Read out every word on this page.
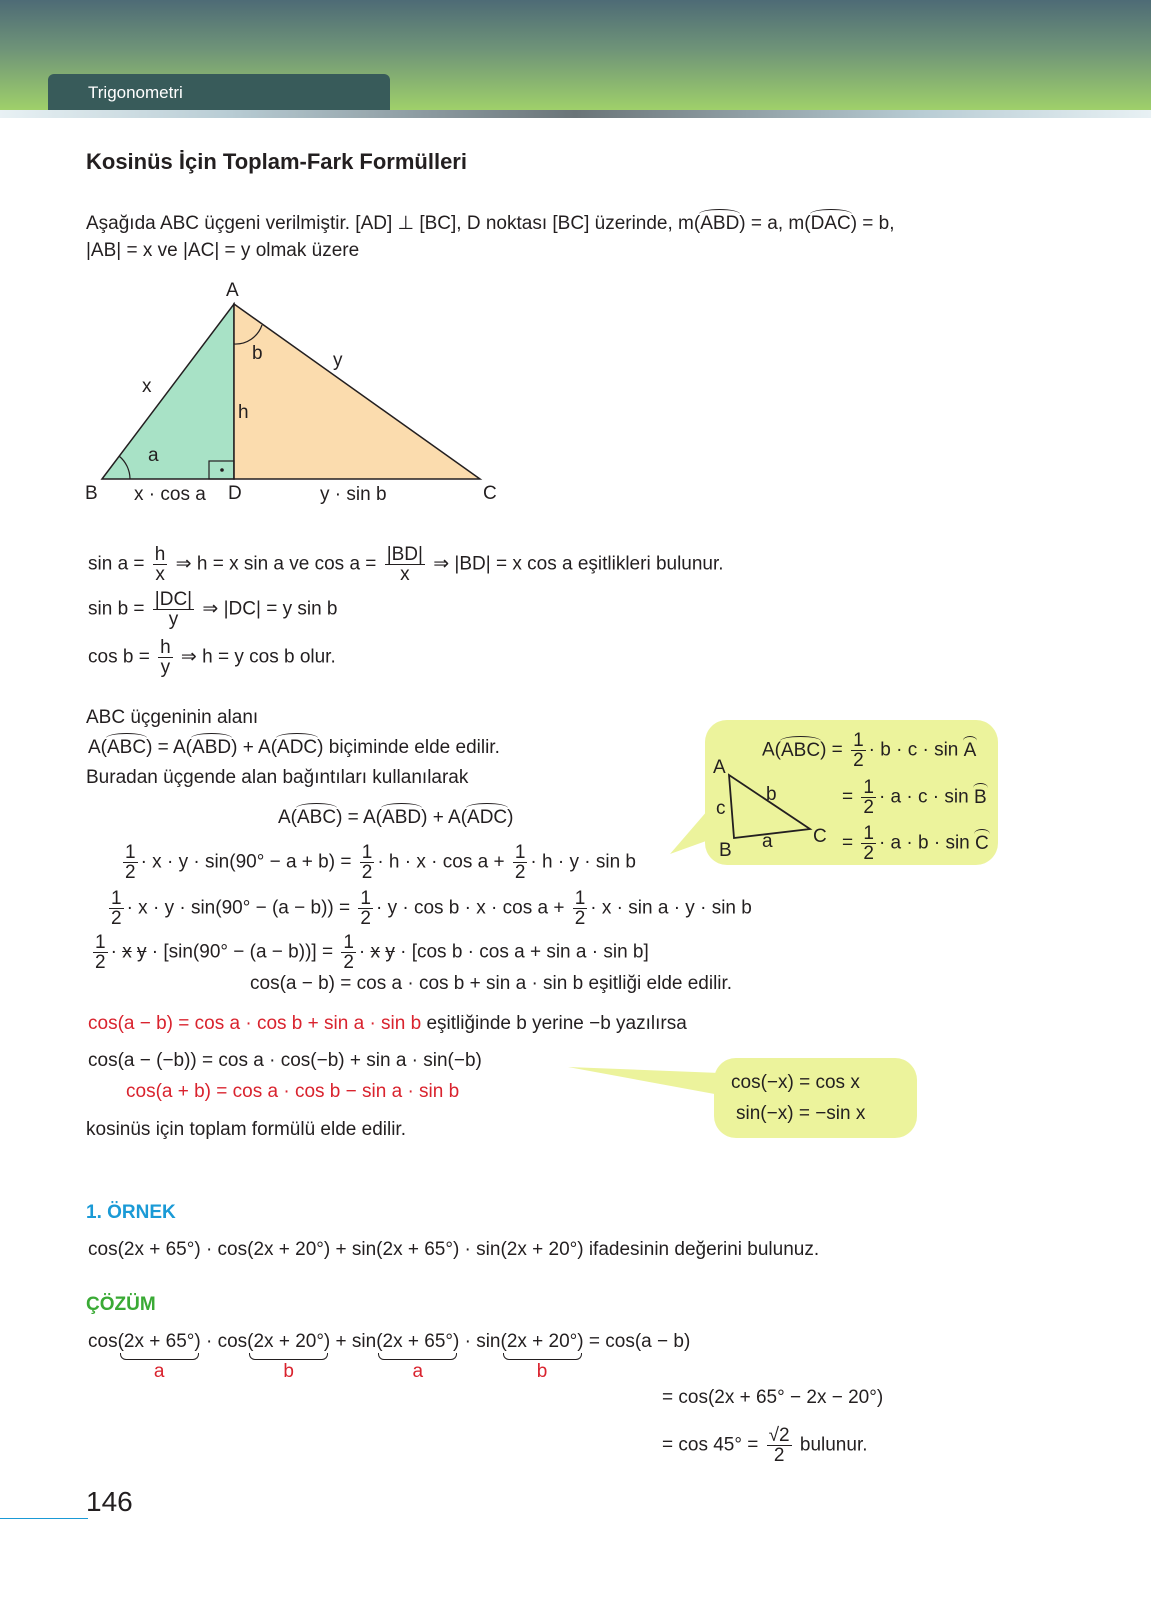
Trigonometri
Kosinüs İçin Toplam-Fark Formülleri
Aşağıda ABC üçgeni verilmiştir. [AD] ⊥ [BC], D noktası [BC] üzerinde, m(ABD) = a, m(DAC) = b,
|AB| = x ve |AC| = y olmak üzere
A
B	C
D
x
y
a
b
h
x · cos a	y · sin b
$\sin a = \frac{h}{x}$ ⇒ h = x sin a ve $\cos a = \frac{|BD|}{x}$ ⇒ |BD| = x cos a eşitlikleri bulunur.
$\sin b = \frac{|DC|}{y}$ ⇒ |DC| = y sin b
$\cos b = \frac{h}{y}$ ⇒ h = y cos b olur.
ABC üçgeninin alanı
A(ABC) = A(ABD) + A(ADC) biçiminde elde edilir.
Buradan üçgende alan bağıntıları kullanılarak
A(ABC) = A(ABD) + A(ADC)
$\frac{1}{2} \cdot x \cdot y \cdot \sin(90^\circ - a + b) = \frac{1}{2} \cdot h \cdot x \cdot \cos a + \frac{1}{2} \cdot h \cdot y \cdot \sin b$
$\frac{1}{2} \cdot x \cdot y \cdot \sin(90^\circ - (a - b)) = \frac{1}{2} \cdot y \cdot \cos b \cdot x \cdot \cos a + \frac{1}{2} \cdot x \cdot \sin a \cdot y \cdot \sin b$
$\frac{1}{2} \cdot x$ $y \cdot [\sin(90^\circ - (a - b))] = \frac{1}{2} \cdot x$ y · [cos b · cos a + sin a · sin b]
cos(a − b) = cos a · cos b + sin a · sin b eşitliği elde edilir.
A
B
C
a
b
c
$A(ABC) = \frac{1}{2} \cdot b \cdot c \cdot \sin A$
= $\frac{1}{2} \cdot a \cdot c \cdot \sin B$
= $\frac{1}{2} \cdot a \cdot b \cdot \sin C$
cos(a − b) = cos a · cos b + sin a · sin b eşitliğinde b yerine −b yazılırsa
cos(a − (−b)) = cos a · cos(−b) + sin a · sin(−b)
cos(a + b) = cos a · cos b − sin a · sin b
kosinüs için toplam formülü elde edilir.
cos(−x) = cos x
sin(−x) = −sin x
1. ÖRNEK
cos(2x + 65°) · cos(2x + 20°) + sin(2x + 65°) · sin(2x + 20°) ifadesinin değerini bulunuz.
ÇÖZÜM
cos(2x + 65°)
a
· cos(2x + 20°)
b
+ sin(2x + 65°)
a
· sin(2x + 20°)
b
= cos(a − b)
= cos(2x + 65° − 2x − 20°)
= $\cos 45^\circ = \frac{√2}{2}$ bulunur.
146
